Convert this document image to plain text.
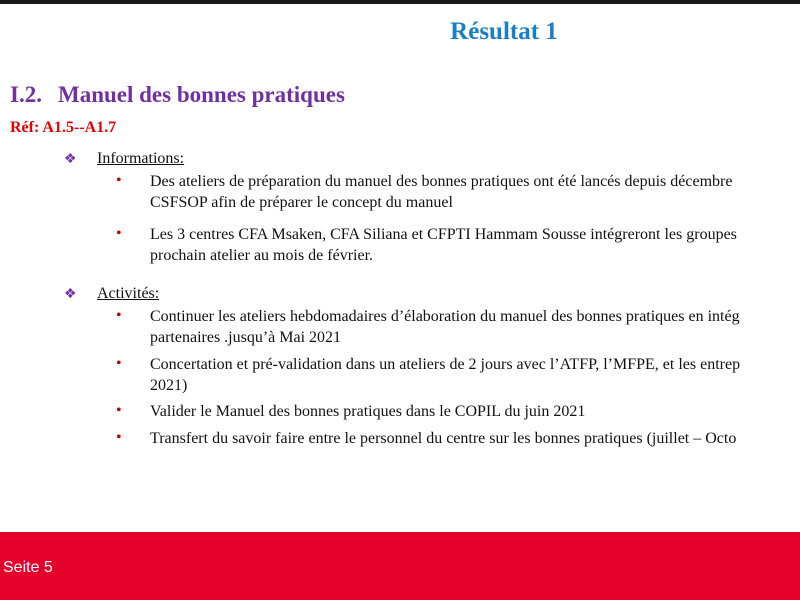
Résultat 1
I.2. Manuel des bonnes pratiques
Réf: A1.5--A1.7
❖ Informations:
•	Des ateliers de préparation du manuel des bonnes pratiques ont été lancés depuis décembre
CSFSOP afin de préparer le concept du manuel
•	Les 3 centres CFA Msaken, CFA Siliana et CFPTI Hammam Sousse intégreront les groupes
prochain atelier au mois de février.
❖ Activités:
•	Continuer les ateliers hebdomadaires d’élaboration du manuel des bonnes pratiques en intég
partenaires .jusqu’à Mai 2021
•	Concertation et pré-validation dans un ateliers de 2 jours avec l’ATFP, l’MFPE, et les entrep
2021)
•	Valider le Manuel des bonnes pratiques dans le COPIL du juin 2021
•	Transfert du savoir faire entre le personnel du centre sur les bonnes pratiques (juillet – Octo
Seite 5
